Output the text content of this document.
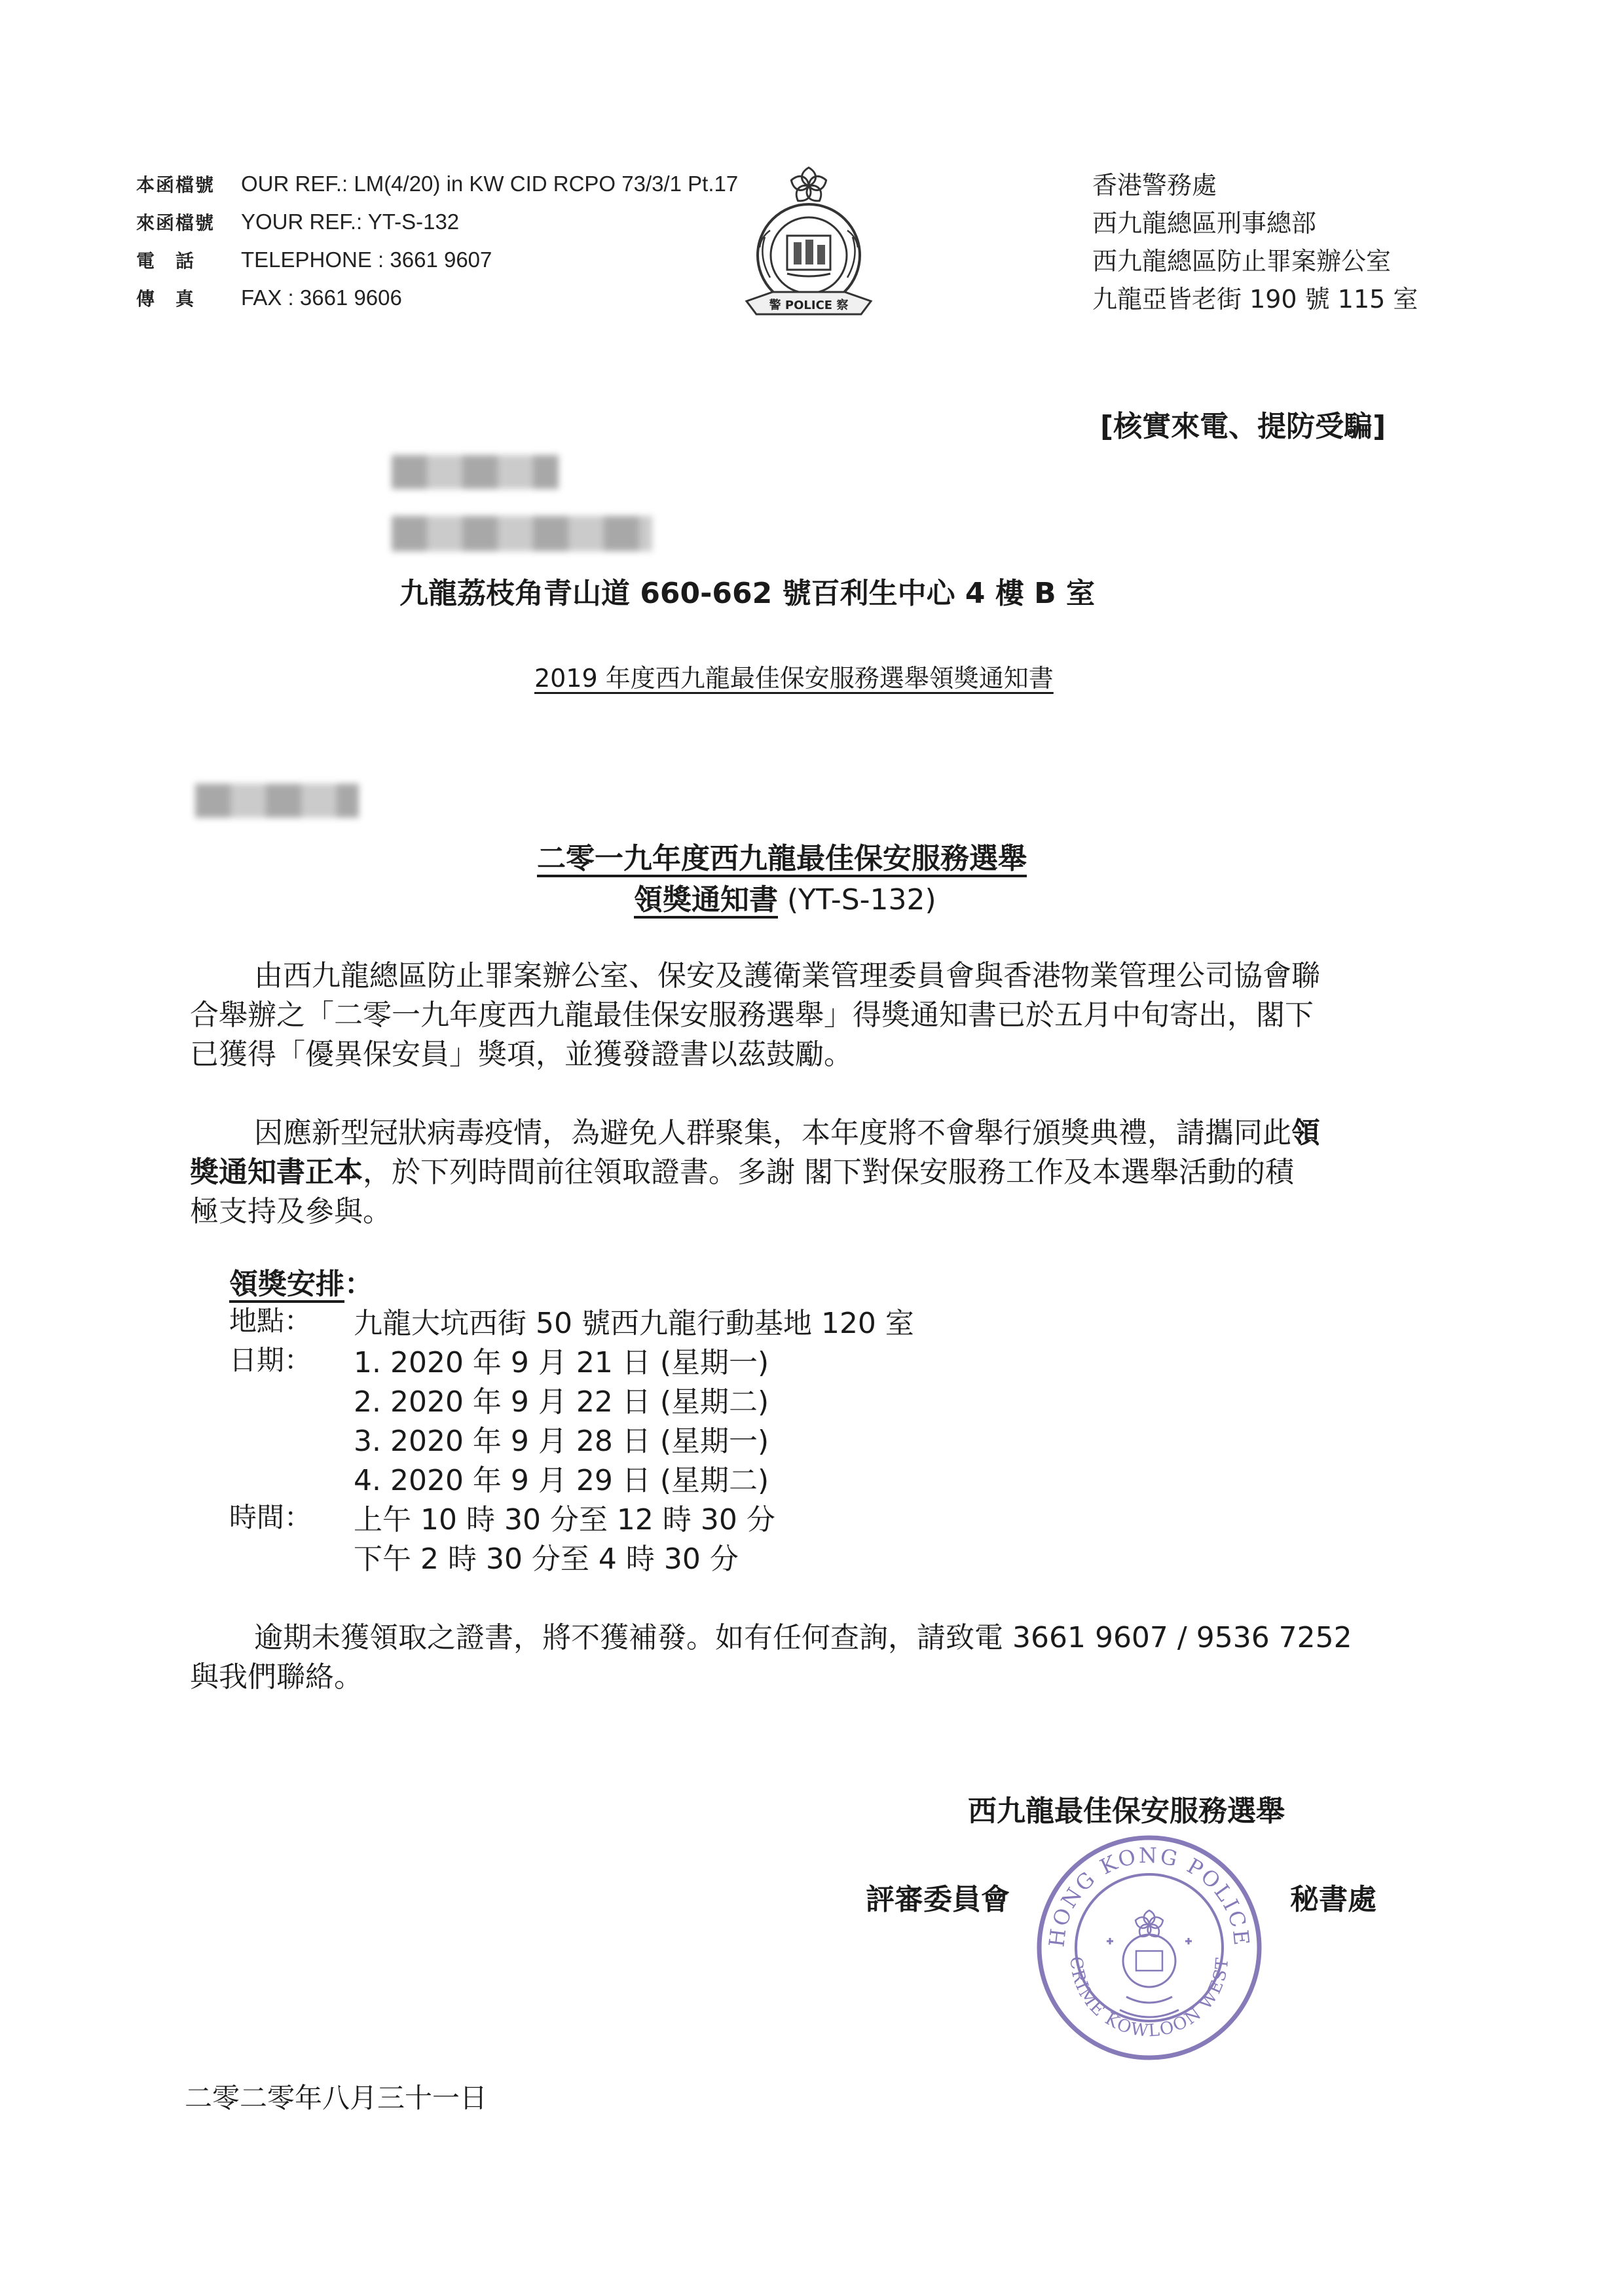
本函檔號	OUR REF.: LM(4/20) in KW CID RCPO 73/3/1 Pt.17
來函檔號	YOUR REF.: YT-S-132
電　話	TELEPHONE : 3661 9607
傳　真	FAX : 3661 9606	警 POLICE 察
香港警務處
西九龍總區刑事總部
西九龍總區防止罪案辦公室
九龍亞皆老街 190 號 115 室
[核實來電、提防受騙]
九龍荔枝角青山道 660-662 號百利生中心 4 樓 B 室
2019 年度西九龍最佳保安服務選舉領獎通知書
二零一九年度西九龍最佳保安服務選舉
領獎通知書 (YT-S-132)
由西九龍總區防止罪案辦公室、保安及護衛業管理委員會與香港物業管理公司協會聯
合舉辦之「二零一九年度西九龍最佳保安服務選舉」得獎通知書已於五月中旬寄出，閣下
已獲得「優異保安員」獎項，並獲發證書以茲鼓勵。
因應新型冠狀病毒疫情，為避免人群聚集，本年度將不會舉行頒獎典禮，請攜同此領
獎通知書正本，於下列時間前往領取證書。多謝 閣下對保安服務工作及本選舉活動的積
極支持及參與。
領獎安排：
地點： 九龍大坑西街 50 號西九龍行動基地 120 室
日期： 1. 2020 年 9 月 21 日 (星期一)
2. 2020 年 9 月 22 日 (星期二)
3. 2020 年 9 月 28 日 (星期一)
4. 2020 年 9 月 29 日 (星期二)
時間： 上午 10 時 30 分至 12 時 30 分
下午 2 時 30 分至 4 時 30 分
逾期未獲領取之證書，將不獲補發。如有任何查詢，請致電 3661 9607 / 9536 7252
與我們聯絡。
西九龍最佳保安服務選舉
評審委員會	秘書處
HONG KONG POLICE
CRIME KOWLOON WEST
二零二零年八月三十一日
